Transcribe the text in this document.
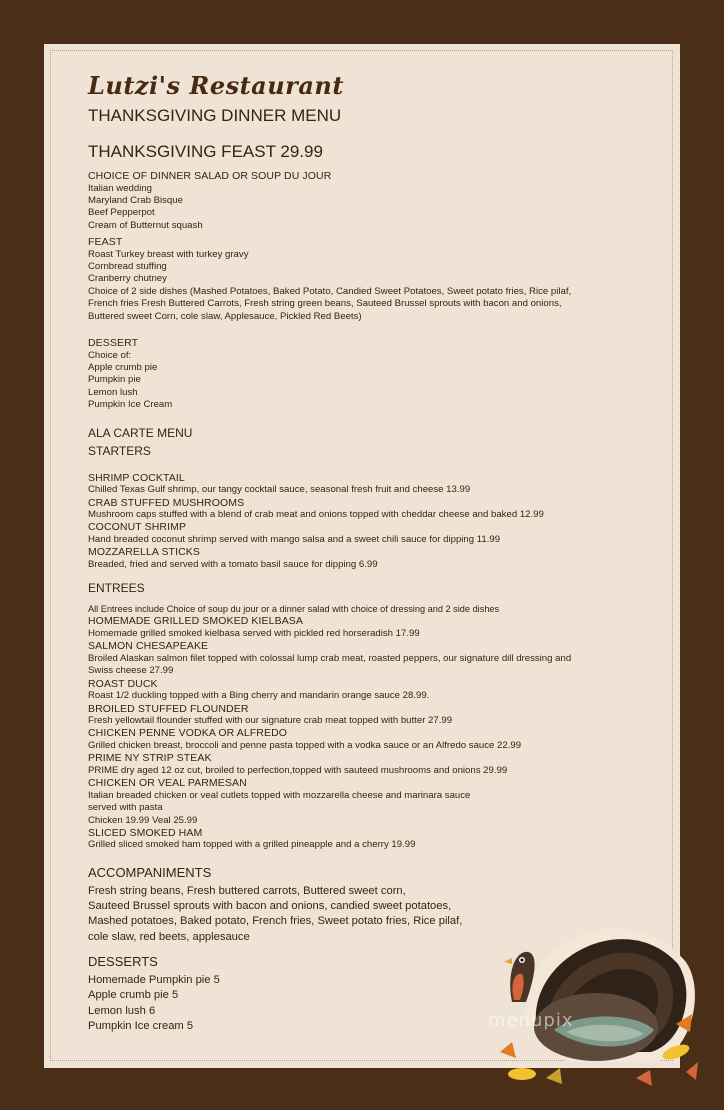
Lutzi's Restaurant
THANKSGIVING DINNER MENU
THANKSGIVING FEAST 29.99
CHOICE OF DINNER SALAD OR SOUP DU JOUR
Italian wedding
Maryland Crab Bisque
Beef Pepperpot
Cream of Butternut squash
FEAST
Roast Turkey breast with turkey gravy
Cornbread stuffing
Cranberry chutney
Choice of 2 side dishes (Mashed Potatoes, Baked Potato, Candied Sweet Potatoes, Sweet potato fries, Rice pilaf,
French fries Fresh Buttered Carrots, Fresh string green beans, Sauteed Brussel sprouts with bacon and onions,
Buttered sweet Corn, cole slaw, Applesauce, Pickled Red Beets)
DESSERT
Choice of:
Apple crumb pie
Pumpkin pie
Lemon lush
Pumpkin Ice Cream
ALA CARTE MENU
STARTERS
SHRIMP COCKTAIL
Chilled Texas Gulf shrimp, our tangy cocktail sauce, seasonal fresh fruit and cheese 13.99
CRAB STUFFED MUSHROOMS
Mushroom caps stuffed with a blend of crab meat and onions topped with cheddar cheese and baked 12.99
COCONUT SHRIMP
Hand breaded coconut shrimp served with mango salsa and a sweet chili sauce for dipping 11.99
MOZZARELLA STICKS
Breaded, fried and served with a tomato basil sauce for dipping 6.99
ENTREES
All Entrees include Choice of soup du jour or a dinner salad with choice of dressing and 2 side dishes
HOMEMADE GRILLED SMOKED KIELBASA
Homemade grilled smoked kielbasa served with pickled red horseradish 17.99
SALMON CHESAPEAKE
Broiled Alaskan salmon filet topped with colossal lump crab meat, roasted peppers, our signature dill dressing and
Swiss cheese 27.99
ROAST DUCK
Roast 1/2 duckling topped with a Bing cherry and mandarin orange sauce 28.99.
BROILED STUFFED FLOUNDER
Fresh yellowtail flounder stuffed with our signature crab meat topped with butter 27.99
CHICKEN PENNE VODKA OR ALFREDO
Grilled chicken breast, broccoli and penne pasta topped with a vodka sauce or an Alfredo sauce 22.99
PRIME NY STRIP STEAK
PRIME dry aged 12 oz cut, broiled to perfection,topped with sauteed mushrooms and onions 29.99
CHICKEN OR VEAL PARMESAN
Italian breaded chicken or veal cutlets topped with mozzarella cheese and marinara sauce
served with pasta
Chicken 19.99 Veal 25.99
SLICED SMOKED HAM
Grilled sliced smoked ham topped with a grilled pineapple and a cherry 19.99
ACCOMPANIMENTS
Fresh string beans, Fresh buttered carrots, Buttered sweet corn,
Sauteed Brussel sprouts with bacon and onions, candied sweet potatoes,
Mashed potatoes, Baked potato, French fries, Sweet potato fries, Rice pilaf,
cole slaw, red beets, applesauce
DESSERTS
Homemade Pumpkin pie 5
Apple crumb pie 5
Lemon lush 6
Pumpkin Ice cream 5	menupix
